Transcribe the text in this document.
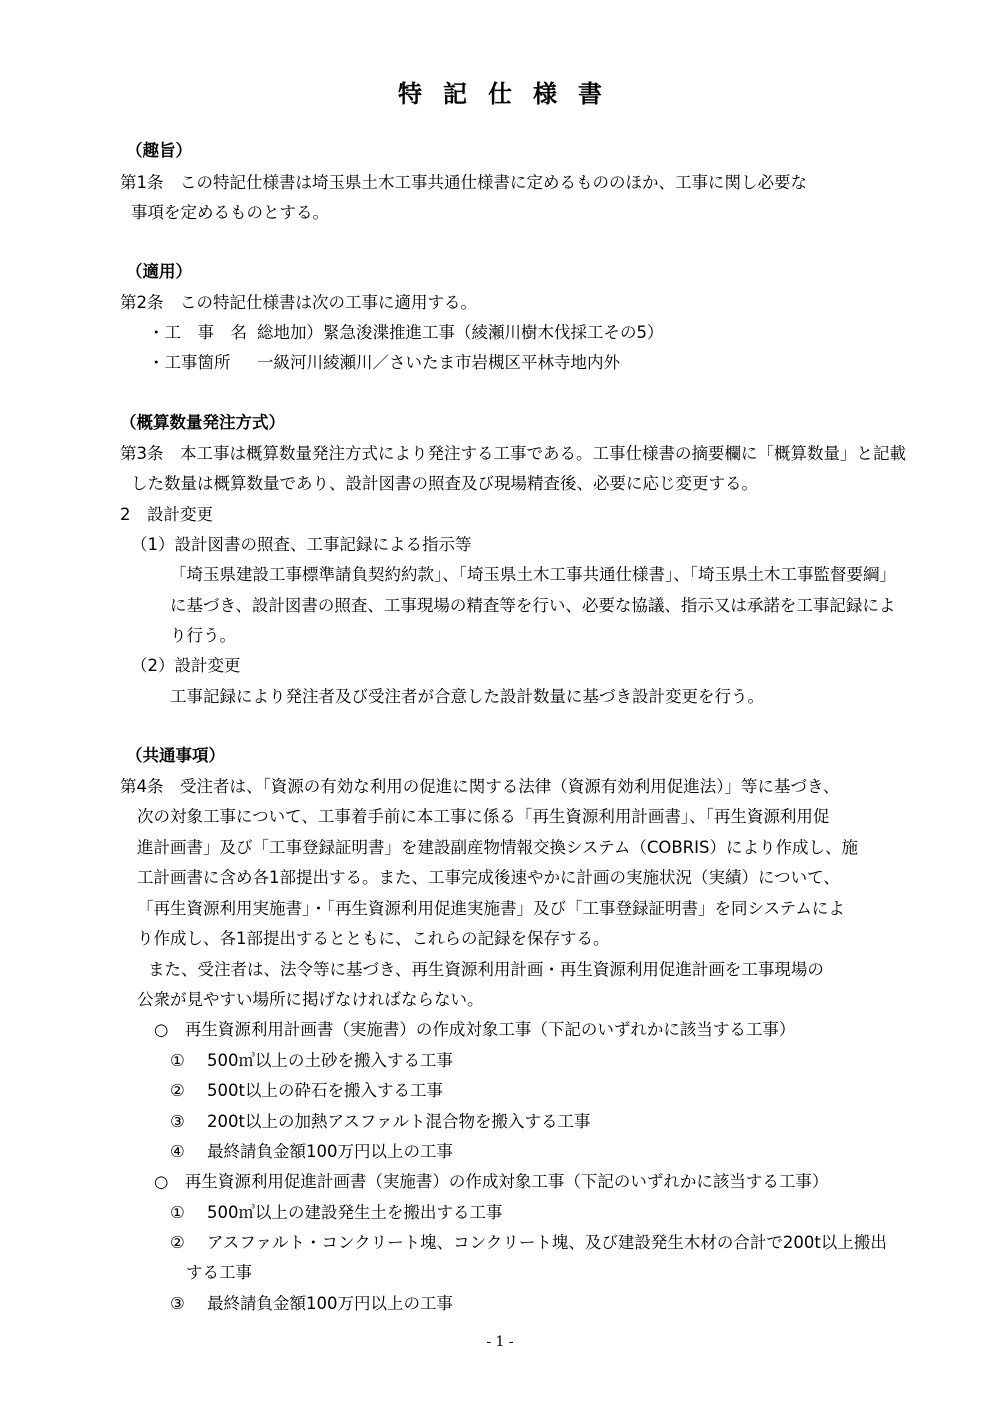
特記仕様書
（趣旨）
第1条　この特記仕様書は埼玉県土木工事共通仕様書に定めるもののほか、工事に関し必要な
事項を定めるものとする。
（適用）
第2条　この特記仕様書は次の工事に適用する。
・工　事　名 総地加）緊急浚渫推進工事（綾瀬川樹木伐採工その5）
・工事箇所 一級河川綾瀬川／さいたま市岩槻区平林寺地内外
（概算数量発注方式）
第3条　本工事は概算数量発注方式により発注する工事である。工事仕様書の摘要欄に「概算数量」と記載
した数量は概算数量であり、設計図書の照査及び現場精査後、必要に応じ変更する。
2　設計変更
（1）設計図書の照査、工事記録による指示等
「埼玉県建設工事標準請負契約約款」、「埼玉県土木工事共通仕様書」、「埼玉県土木工事監督要綱」
に基づき、設計図書の照査、工事現場の精査等を行い、必要な協議、指示又は承諾を工事記録によ
り行う。
（2）設計変更
工事記録により発注者及び受注者が合意した設計数量に基づき設計変更を行う。
（共通事項）
第4条　受注者は、「資源の有効な利用の促進に関する法律（資源有効利用促進法）」等に基づき、
次の対象工事について、工事着手前に本工事に係る「再生資源利用計画書」、「再生資源利用促
進計画書」及び「工事登録証明書」を建設副産物情報交換システム（COBRIS）により作成し、施
工計画書に含め各1部提出する。また、工事完成後速やかに計画の実施状況（実績）について、
「再生資源利用実施書」・「再生資源利用促進実施書」及び「工事登録証明書」を同システムによ
り作成し、各1部提出するとともに、これらの記録を保存する。
また、受注者は、法令等に基づき、再生資源利用計画・再生資源利用促進計画を工事現場の
公衆が見やすい場所に掲げなければならない。
○　再生資源利用計画書（実施書）の作成対象工事（下記のいずれかに該当する工事）
① 500㎥以上の土砂を搬入する工事
② 500t以上の砕石を搬入する工事
③ 200t以上の加熱アスファルト混合物を搬入する工事
④ 最終請負金額100万円以上の工事
○　再生資源利用促進計画書（実施書）の作成対象工事（下記のいずれかに該当する工事）
① 500㎥以上の建設発生土を搬出する工事
② アスファルト・コンクリート塊、コンクリート塊、及び建設発生木材の合計で200t以上搬出
する工事
③ 最終請負金額100万円以上の工事
- 1 -
